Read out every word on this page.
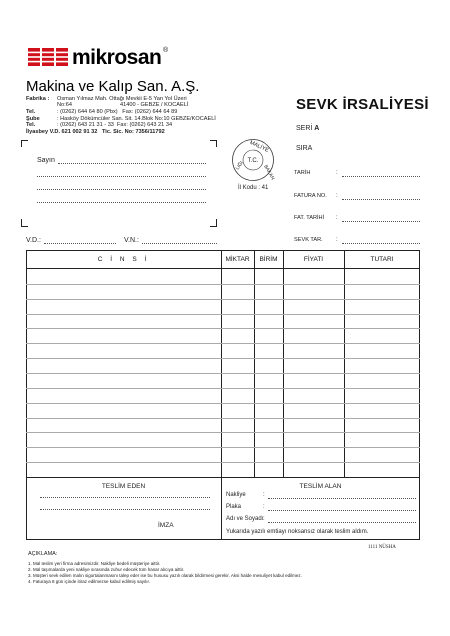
mikrosan ®
Makina ve Kalıp San. A.Ş.
Fabrika : Osman Yılmaz Mah. Ottağı Mevkii E-5 Yan Yol Üzeri
No:64	41400 - GEBZE / KOCAELİ
Tel.	: (0262) 644 64 80 (Pbx)   Fax: (0262) 644 64 89
Şube	: Hasköy Dökümcüler San. Sit. 14.Blok No:10 GEBZE/KOCAELİ
Tel.	: (0262) 643 21 31 - 33  Fax: (0262) 643 21 34
İlyasbey V.D. 621 002 91 32   Tic. Sic. No: 7356/11792
SEVK İRSALİYESİ
SERİ A
SIRA
MALİYE
LIĞI	BAKAN
T.C.
İl Kodu : 41
Sayın
V.D.:	V.N.:
TARİH	:
FATURA NO. :
FAT. TARİHİ :
SEVK TAR. :
C İ N S İ	MİKTAR	BİRİM	FİYATI	TUTARI
TESLİM EDEN
İMZA
TESLİM ALAN
Nakliye	:
Plaka	:
Adı ve Soyadı :
Yukarıda yazılı emtiayı noksansız olarak teslim aldım.
AÇIKLAMA:
1. Mal teslim yeri firma adresimizdir. Nakliye bedeli müşteriye aittir.
2. Mal taşımalarda yeni nakliye sırasında zuhur edecek tüm hasar alıcıya aittir.
3. Müşteri sevk edilen malın sigortalanmasını talep eder ise bu hususu yazılı olarak bildirmesi gerekir. Aksi halde mesuliyet kabul edilmez.
4. Faturaya 8 gün içinde itiraz edilmezse kabul edilmiş sayılır.
1111 NÜSHA
